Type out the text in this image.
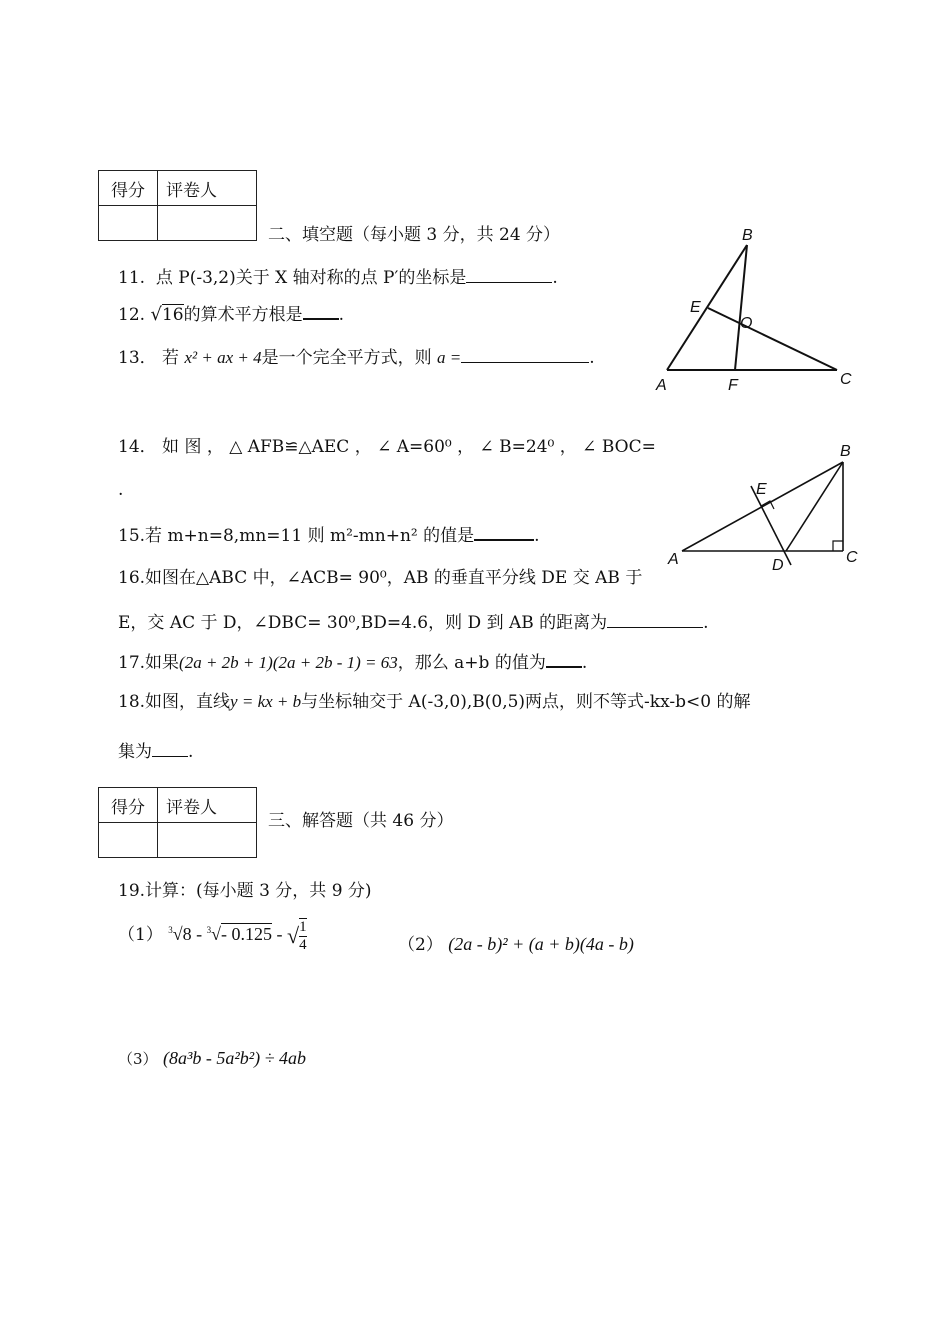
得分	评卷人

二、填空题（每小题 3 分，共 24 分）
11. 点 P(-3,2)关于 X 轴对称的点 P′的坐标是	.
12. √16的算术平方根是 .
13． 若 x² + ax + 4是一个完全平方式，则 a =	.
B
E
O
A	F	C
14． 如 图 ， △ AFB≌△AEC ， ∠ A=60⁰ ， ∠ B=24⁰ ， ∠ BOC=
.
15.若 m+n=8,mn=11 则 m²-mn+n² 的值是	.
16.如图在△ABC 中，∠ACB= 90⁰，AB 的垂直平分线 DE 交 AB 于
E，交 AC 于 D，∠DBC= 30⁰,BD=4.6，则 D 到 AB 的距离为	.
B
E
A	D	C
17.如果(2a + 2b + 1)(2a + 2b - 1) = 63，那么 a+b 的值为 .
18.如图，直线y = kx + b与坐标轴交于 A(-3,0),B(0,5)两点，则不等式-kx-b<0 的解
集为 .
得分	评卷人

三、解答题（共 46 分）
19.计算：(每小题 3 分，共 9 分)
（1） $^3$√8 - $^3$√- 0.125 - √ $\frac{1}{4}$	（2） (2a - b)² + (a + b)(4a - b)
（3） (8a³b - 5a²b²) ÷ 4ab
